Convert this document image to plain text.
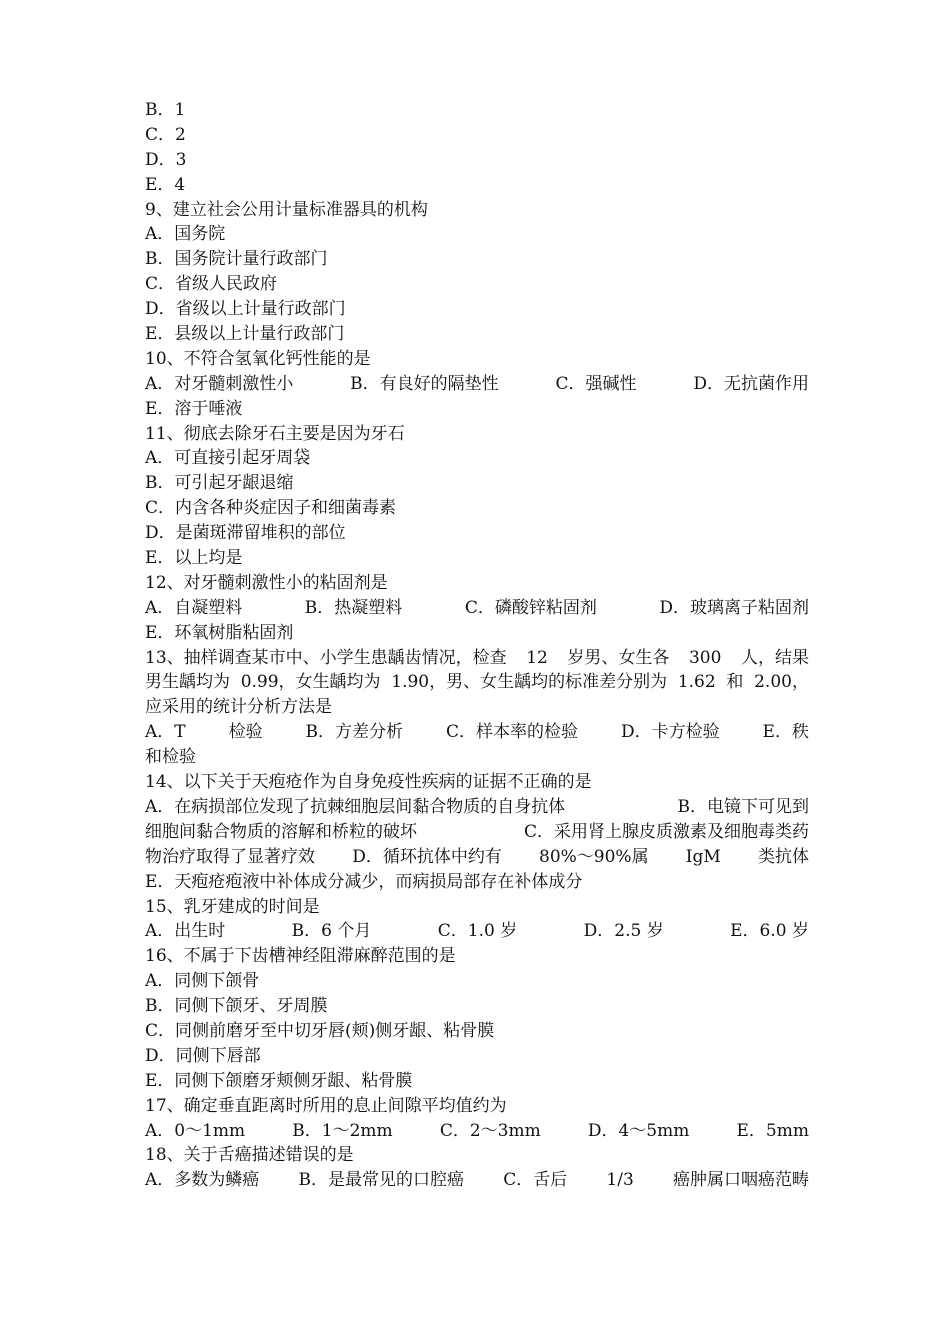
B．1
C．2
D．3
E．4
9、建立社会公用计量标准器具的机构
A．国务院
B．国务院计量行政部门
C．省级人民政府
D．省级以上计量行政部门
E．县级以上计量行政部门
10、不符合氢氧化钙性能的是
A．对牙髓刺激性小	B．有良好的隔垫性	C．强碱性	D．无抗菌作用
E．溶于唾液
11、彻底去除牙石主要是因为牙石
A．可直接引起牙周袋
B．可引起牙龈退缩
C．内含各种炎症因子和细菌毒素
D．是菌斑滞留堆积的部位
E．以上均是
12、对牙髓刺激性小的粘固剂是
A．自凝塑料	B．热凝塑料	C．磷酸锌粘固剂	D．玻璃离子粘固剂
E．环氧树脂粘固剂
13、抽样调查某市中、小学生患龋齿情况，检查 12 岁男、女生各 300 人，结果
男生龋均为 0.99，女生龋均为 1.90，男、女生龋均的标准差分别为 1.62 和 2.00，
应采用的统计分析方法是
A．T	检验	B．方差分析	C．样本率的检验	D．卡方检验	E．秩
和检验
14、以下关于天疱疮作为自身免疫性疾病的证据不正确的是
A．在病损部位发现了抗棘细胞层间黏合物质的自身抗体	B．电镜下可见到
细胞间黏合物质的溶解和桥粒的破坏	C．采用肾上腺皮质激素及细胞毒类药
物治疗取得了显著疗效 D．循环抗体中约有 80%～90%属 IgM 类抗体
E．天疱疮疱液中补体成分减少，而病损局部存在补体成分
15、乳牙建成的时间是
A．出生时	B．6 个月	C．1.0 岁	D．2.5 岁	E．6.0 岁
16、不属于下齿槽神经阻滞麻醉范围的是
A．同侧下颌骨
B．同侧下颌牙、牙周膜
C．同侧前磨牙至中切牙唇(颊)侧牙龈、粘骨膜
D．同侧下唇部
E．同侧下颌磨牙颊侧牙龈、粘骨膜
17、确定垂直距离时所用的息止间隙平均值约为
A．0～1mm	B．1～2mm	C．2～3mm	D．4～5mm	E．5mm
18、关于舌癌描述错误的是
A．多数为鳞癌 B．是最常见的口腔癌 C．舌后 1/3 癌肿属口咽癌范畴
